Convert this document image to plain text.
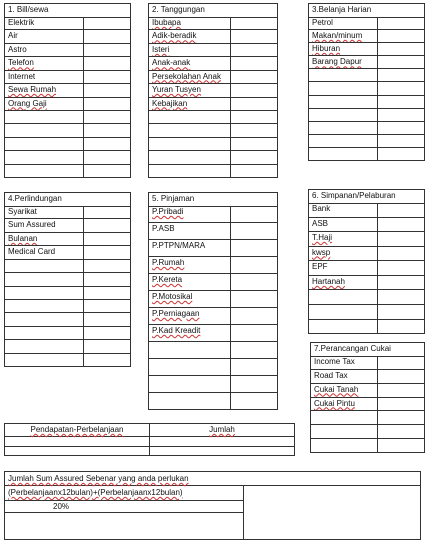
1. Bill/sewa
Elektrik
Air
Astro
Telefon
Internet
Sewa Rumah
Orang Gaji
2. Tanggungan
Ibubapa
Adik-beradik
Isteri
Anak-anak
Persekolahan Anak
Yuran Tusyen
Kebajikan
3.Belanja Harian
Petrol
Makan/minum
Hiburan
Barang Dapur
4.Perlindungan
Syarikat
Sum Assured
Bulanan
Medical Card
5. Pinjaman
P.Pribadi
P.ASB
P.PTPN/MARA
P.Rumah
P.Kereta
P.Motosikal
P.Perniagaan
P.Kad Kreadit
6. Simpanan/Pelaburan
Bank
ASB
T.Haji
kwsp
EPF
Hartanah
7.Perancangan Cukai
Income Tax
Road Tax
Cukai Tanah
Cukai Pintu
Pendapatan-Perbelanjaan	Jumlah
Jumlah Sum Assured Sebenar yang anda perlukan
(Perbelanjaanx12bulan)+(Perbelanjaanx12bulan)
20%
